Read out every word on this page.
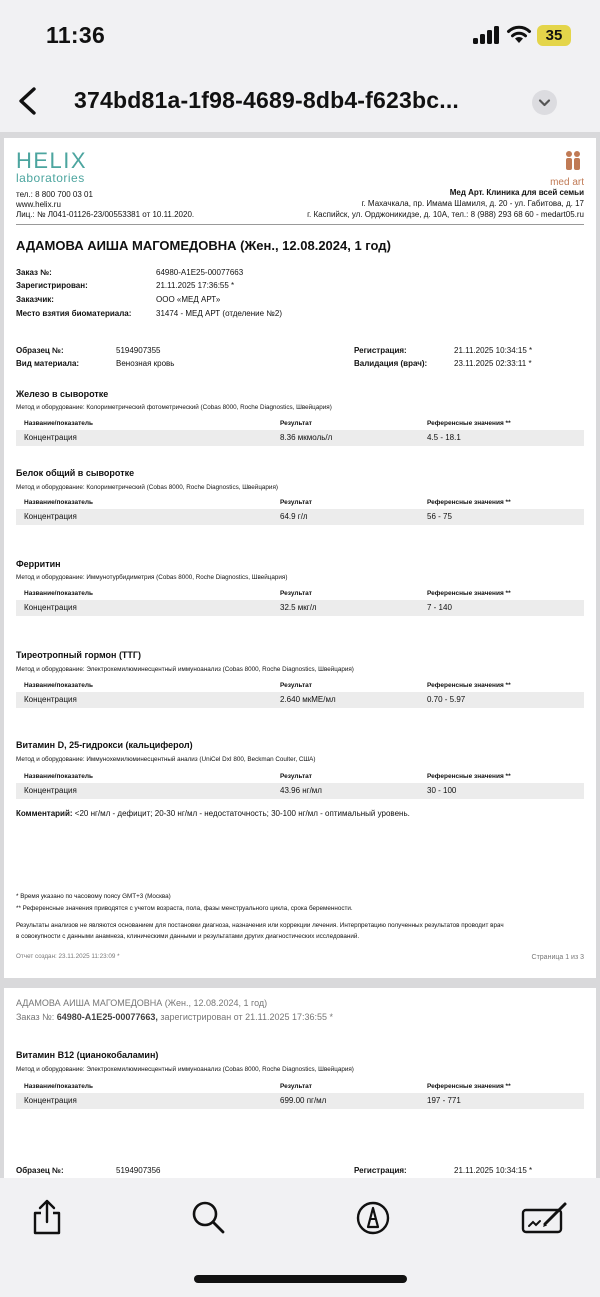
11:36	35
374bd81a-1f98-4689-8db4-f623bc...
HELIX
laboratories
тел.: 8 800 700 03 01
www.helix.ru
Лиц.: № Л041-01126-23/00553381 от 10.11.2020.
med art
Мед Арт. Клиника для всей семьи
г. Махачкала, пр. Имама Шамиля, д. 20 - ул. Габитова, д. 17
г. Каспийск, ул. Орджоникидзе, д. 10А, тел.: 8 (988) 293 68 60 - medart05.ru
АДАМОВА АИША МАГОМЕДОВНА (Жен., 12.08.2024, 1 год)
Заказ №:	64980-A1E25-00077663
Зарегистрирован:	21.11.2025 17:36:55 *
Заказчик:	ООО «МЕД АРТ»
Место взятия биоматериала:	31474 - МЕД АРТ (отделение №2)
Образец №:	5194907355
Вид материала:	Венозная кровь
Регистрация:	21.11.2025 10:34:15 *
Валидация (врач):	23.11.2025 02:33:11 *
Железо в сыворотке
Метод и оборудование: Колориметрический фотометрический (Cobas 8000, Roche Diagnostics, Швейцария)
Название/показатель	Результат	Референсные значения **
Концентрация	8.36 мкмоль/л	4.5 - 18.1
Белок общий в сыворотке
Метод и оборудование: Колориметрический (Cobas 8000, Roche Diagnostics, Швейцария)
Название/показатель	Результат	Референсные значения **
Концентрация	64.9 г/л	56 - 75
Ферритин
Метод и оборудование: Иммунотурбидиметрия (Cobas 8000, Roche Diagnostics, Швейцария)
Название/показатель	Результат	Референсные значения **
Концентрация	32.5 мкг/л	7 - 140
Тиреотропный гормон (ТТГ)
Метод и оборудование: Электрохемилюминесцентный иммуноанализ (Cobas 8000, Roche Diagnostics, Швейцария)
Название/показатель	Результат	Референсные значения **
Концентрация	2.640 мкМЕ/мл	0.70 - 5.97
Витамин D, 25-гидрокси (кальциферол)
Метод и оборудование: Иммунохемилюминесцентный анализ (UniCel DxI 800, Beckman Coulter, США)
Название/показатель	Результат	Референсные значения **
Концентрация	43.96 нг/мл	30 - 100
Комментарий: <20 нг/мл - дефицит; 20-30 нг/мл - недостаточность; 30-100 нг/мл - оптимальный уровень.
* Время указано по часовому поясу GMT+3 (Москва)
** Референсные значения приводятся с учетом возраста, пола, фазы менструального цикла, срока беременности.
Результаты анализов не являются основанием для постановки диагноза, назначения или коррекции лечения. Интерпретацию полученных результатов проводит врач
в совокупности с данными анамнеза, клиническими данными и результатами других диагностических исследований.
Отчет создан: 23.11.2025 11:23:09 *	Страница 1 из 3
АДАМОВА АИША МАГОМЕДОВНА (Жен., 12.08.2024, 1 год)
Заказ №: 64980-A1E25-00077663, зарегистрирован от 21.11.2025 17:36:55 *
Витамин B12 (цианокобаламин)
Метод и оборудование: Электрохемилюминесцентный иммуноанализ (Cobas 8000, Roche Diagnostics, Швейцария)
Название/показатель	Результат	Референсные значения **
Концентрация	699.00 пг/мл	197 - 771
Образец №:	5194907356	Регистрация:	21.11.2025 10:34:15 *
